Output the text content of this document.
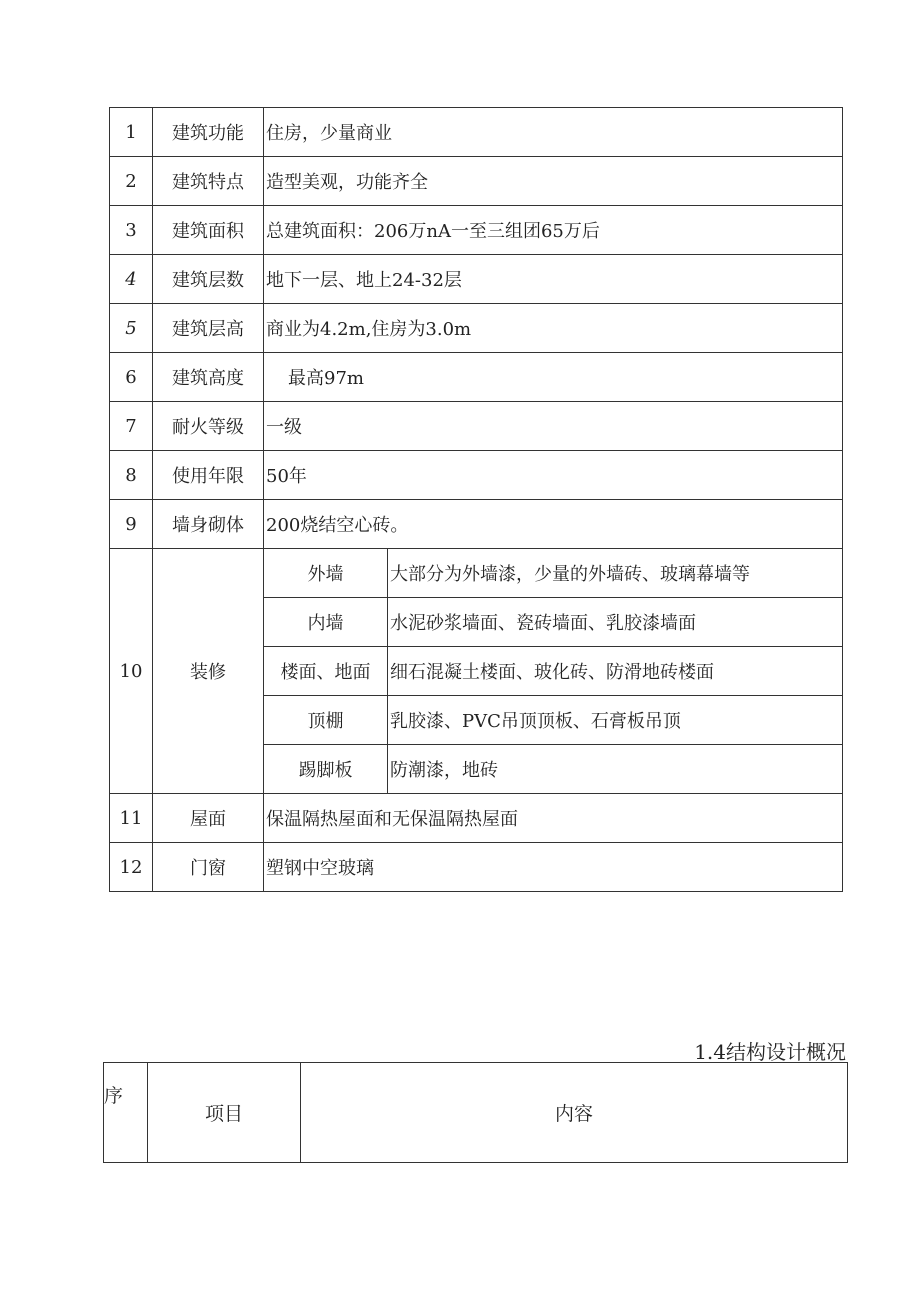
1	建筑功能	住房，少量商业	
2	建筑特点	造型美观，功能齐全	
3	建筑面积	总建筑面积：206万nA一至三组团65万后	
4	建筑层数	地下一层、地上24-32层	
5	建筑层高	商业为4.2m,住房为3.0m	
6	建筑高度	最高97m	
7	耐火等级	一级	
8	使用年限	50年	
9	墙身砌体	200烧结空心砖。	
10	装修	外墙	大部分为外墙漆，少量的外墙砖、玻璃幕墙等
		内墙	水泥砂浆墙面、瓷砖墙面、乳胶漆墙面
		楼面、地面	细石混凝土楼面、玻化砖、防滑地砖楼面
		顶棚	乳胶漆、PVC吊顶顶板、石膏板吊顶
		踢脚板	防潮漆，地砖
11	屋面	保温隔热屋面和无保温隔热屋面	
12	门窗	塑钢中空玻璃	
1.4结构设计概况
序	项目	内容
